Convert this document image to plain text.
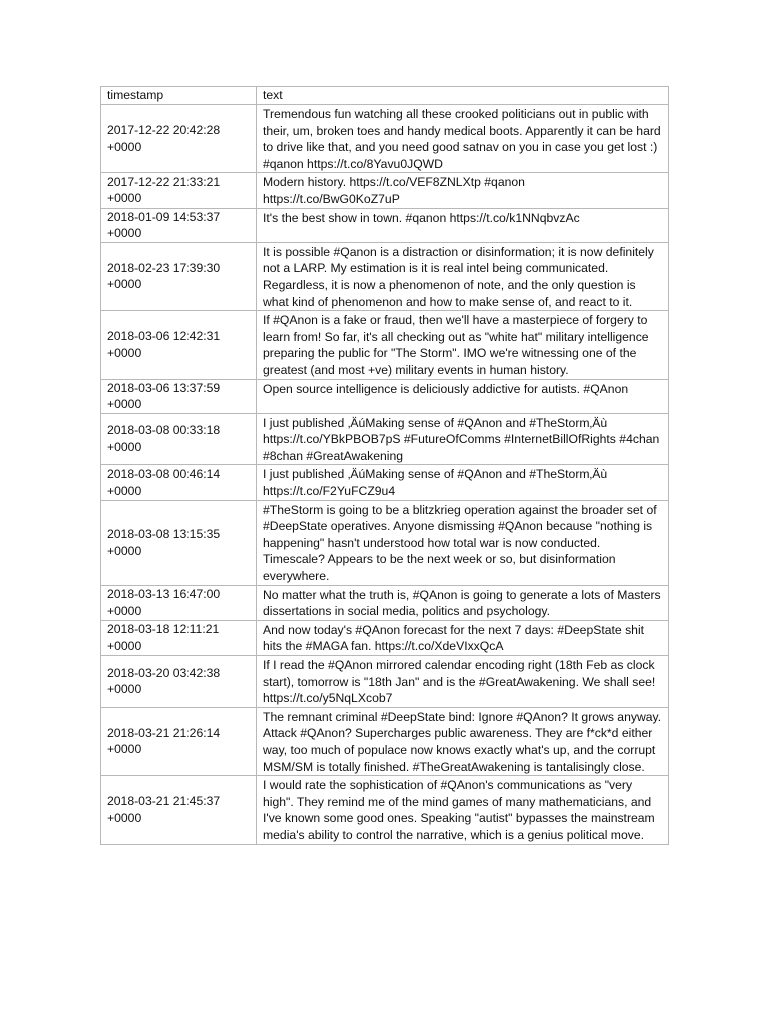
timestamp	text
2017-12-22 20:42:28 +0000	Tremendous fun watching all these crooked politicians out in public with their, um, broken toes and handy medical boots. Apparently it can be hard to drive like that, and you need good satnav on you in case you get lost :) #qanon https://t.co/8Yavu0JQWD
2017-12-22 21:33:21 +0000	Modern history. https://t.co/VEF8ZNLXtp #qanon https://t.co/BwG0KoZ7uP
2018-01-09 14:53:37 +0000	It's the best show in town. #qanon https://t.co/k1NNqbvzAc
2018-02-23 17:39:30 +0000	It is possible #Qanon is a distraction or disinformation; it is now definitely not a LARP. My estimation is it is real intel being communicated. Regardless, it is now a phenomenon of note, and the only question is what kind of phenomenon and how to make sense of, and react to it.
2018-03-06 12:42:31 +0000	If #QAnon is a fake or fraud, then we'll have a masterpiece of forgery to learn from! So far, it's all checking out as "white hat" military intelligence preparing the public for "The Storm". IMO we're witnessing one of the greatest (and most +ve) military events in human history.
2018-03-06 13:37:59 +0000	Open source intelligence is deliciously addictive for autists. #QAnon
2018-03-08 00:33:18 +0000	I just published ‚ÄúMaking sense of #QAnon and #TheStorm‚Äù https://t.co/YBkPBOB7pS #FutureOfComms #InternetBillOfRights #4chan #8chan #GreatAwakening
2018-03-08 00:46:14 +0000	I just published ‚ÄúMaking sense of #QAnon and #TheStorm‚Äù https://t.co/F2YuFCZ9u4
2018-03-08 13:15:35 +0000	#TheStorm is going to be a blitzkrieg operation against the broader set of #DeepState operatives. Anyone dismissing #QAnon because "nothing is happening" hasn't understood how total war is now conducted. Timescale? Appears to be the next week or so, but disinformation everywhere.
2018-03-13 16:47:00 +0000	No matter what the truth is, #QAnon is going to generate a lots of Masters dissertations in social media, politics and psychology.
2018-03-18 12:11:21 +0000	And now today's #QAnon forecast for the next 7 days: #DeepState shit hits the #MAGA fan. https://t.co/XdeVIxxQcA
2018-03-20 03:42:38 +0000	If I read the #QAnon mirrored calendar encoding right (18th Feb as clock start), tomorrow is "18th Jan" and is the #GreatAwakening. We shall see! https://t.co/y5NqLXcob7
2018-03-21 21:26:14 +0000	The remnant criminal #DeepState bind: Ignore #QAnon? It grows anyway. Attack #QAnon? Supercharges public awareness. They are f*ck*d either way, too much of populace now knows exactly what's up, and the corrupt MSM/SM is totally finished. #TheGreatAwakening is tantalisingly close.
2018-03-21 21:45:37 +0000	I would rate the sophistication of #QAnon's communications as "very high". They remind me of the mind games of many mathematicians, and I've known some good ones. Speaking "autist" bypasses the mainstream media's ability to control the narrative, which is a genius political move.
